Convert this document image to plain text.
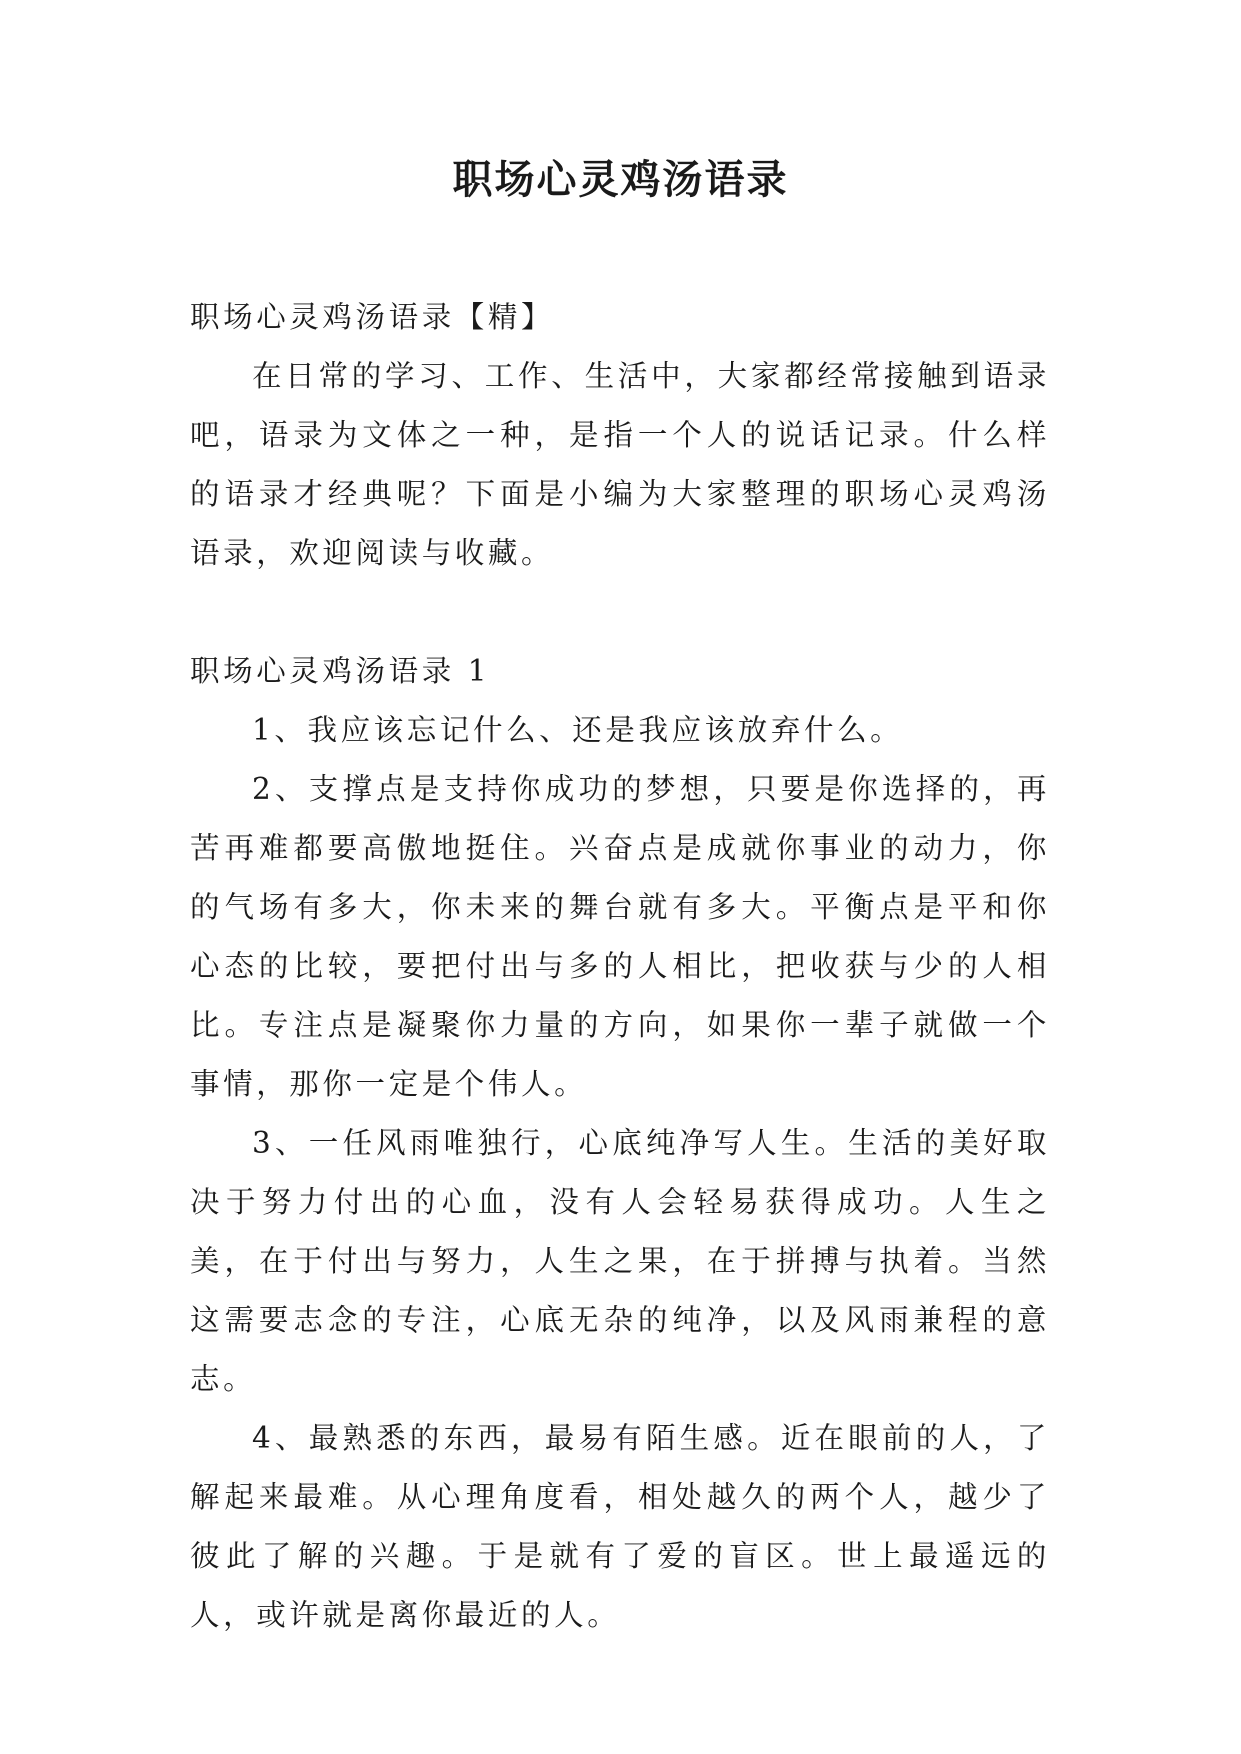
职场心灵鸡汤语录

职场心灵鸡汤语录【精】

在日常的学习、工作、生活中，大家都经常接触到语录吧，语录为文体之一种，是指一个人的说话记录。什么样的语录才经典呢？下面是小编为大家整理的职场心灵鸡汤语录，欢迎阅读与收藏。

职场心灵鸡汤语录 1

1、我应该忘记什么、还是我应该放弃什么。

2、支撑点是支持你成功的梦想，只要是你选择的，再苦再难都要高傲地挺住。兴奋点是成就你事业的动力，你的气场有多大，你未来的舞台就有多大。平衡点是平和你心态的比较，要把付出与多的人相比，把收获与少的人相比。专注点是凝聚你力量的方向，如果你一辈子就做一个事情，那你一定是个伟人。

3、一任风雨唯独行，心底纯净写人生。生活的美好取决于努力付出的心血，没有人会轻易获得成功。人生之美，在于付出与努力，人生之果，在于拼搏与执着。当然这需要志念的专注，心底无杂的纯净，以及风雨兼程的意志。

4、最熟悉的东西，最易有陌生感。近在眼前的人，了解起来最难。从心理角度看，相处越久的两个人，越少了彼此了解的兴趣。于是就有了爱的盲区。世上最遥远的人，或许就是离你最近的人。
